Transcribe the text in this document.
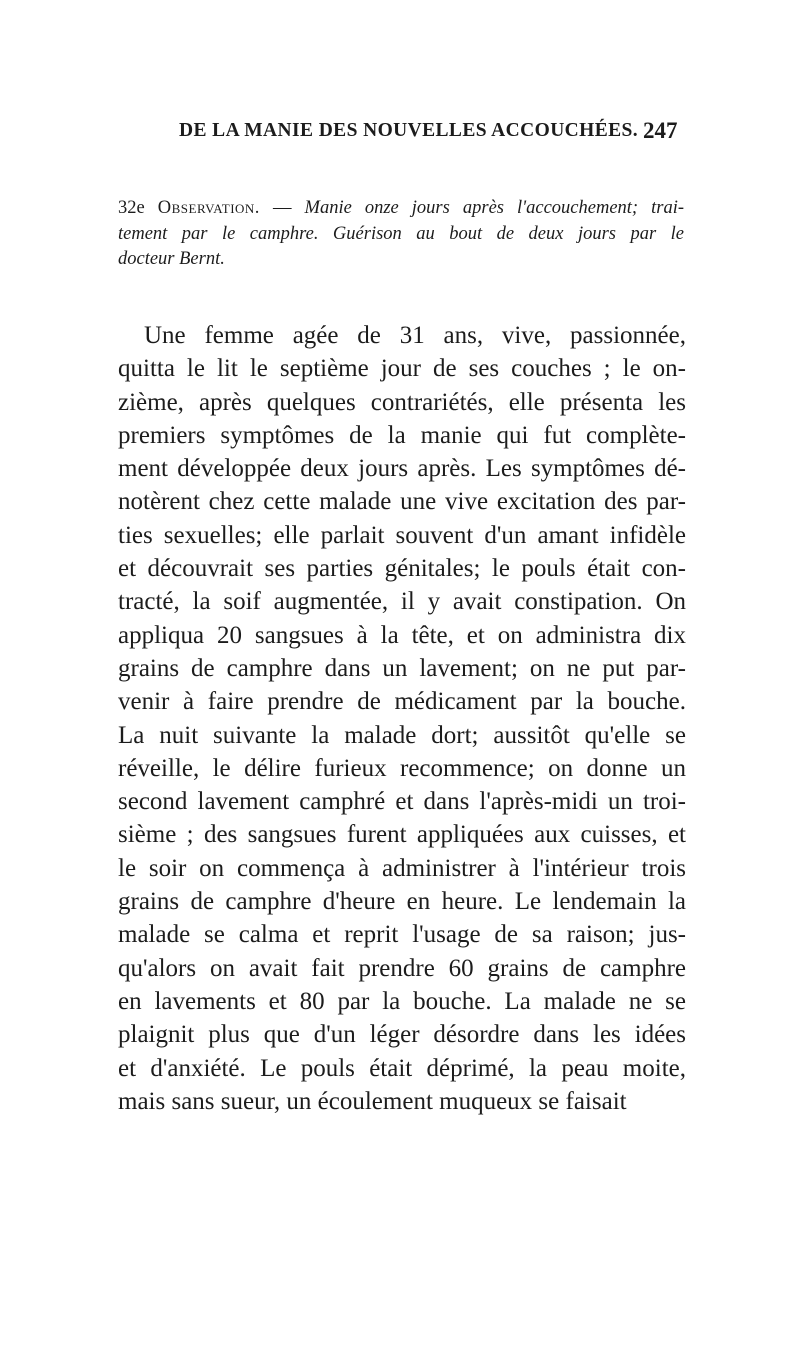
DE LA MANIE DES NOUVELLES ACCOUCHÉES. 247
32e Observation. — Manie onze jours après l'accouchement; trai-
tement par le camphre. Guérison au bout de deux jours par le
docteur Bernt.
Une femme agée de 31 ans, vive, passionnée,
quitta le lit le septième jour de ses couches ; le on-
zième, après quelques contrariétés, elle présenta les
premiers symptômes de la manie qui fut complète-
ment développée deux jours après. Les symptômes dé-
notèrent chez cette malade une vive excitation des par-
ties sexuelles; elle parlait souvent d'un amant infidèle
et découvrait ses parties génitales; le pouls était con-
tracté, la soif augmentée, il y avait constipation. On
appliqua 20 sangsues à la tête, et on administra dix
grains de camphre dans un lavement; on ne put par-
venir à faire prendre de médicament par la bouche.
La nuit suivante la malade dort; aussitôt qu'elle se
réveille, le délire furieux recommence; on donne un
second lavement camphré et dans l'après-midi un troi-
sième ; des sangsues furent appliquées aux cuisses, et
le soir on commença à administrer à l'intérieur trois
grains de camphre d'heure en heure. Le lendemain la
malade se calma et reprit l'usage de sa raison; jus-
qu'alors on avait fait prendre 60 grains de camphre
en lavements et 80 par la bouche. La malade ne se
plaignit plus que d'un léger désordre dans les idées
et d'anxiété. Le pouls était déprimé, la peau moite,
mais sans sueur, un écoulement muqueux se faisait
